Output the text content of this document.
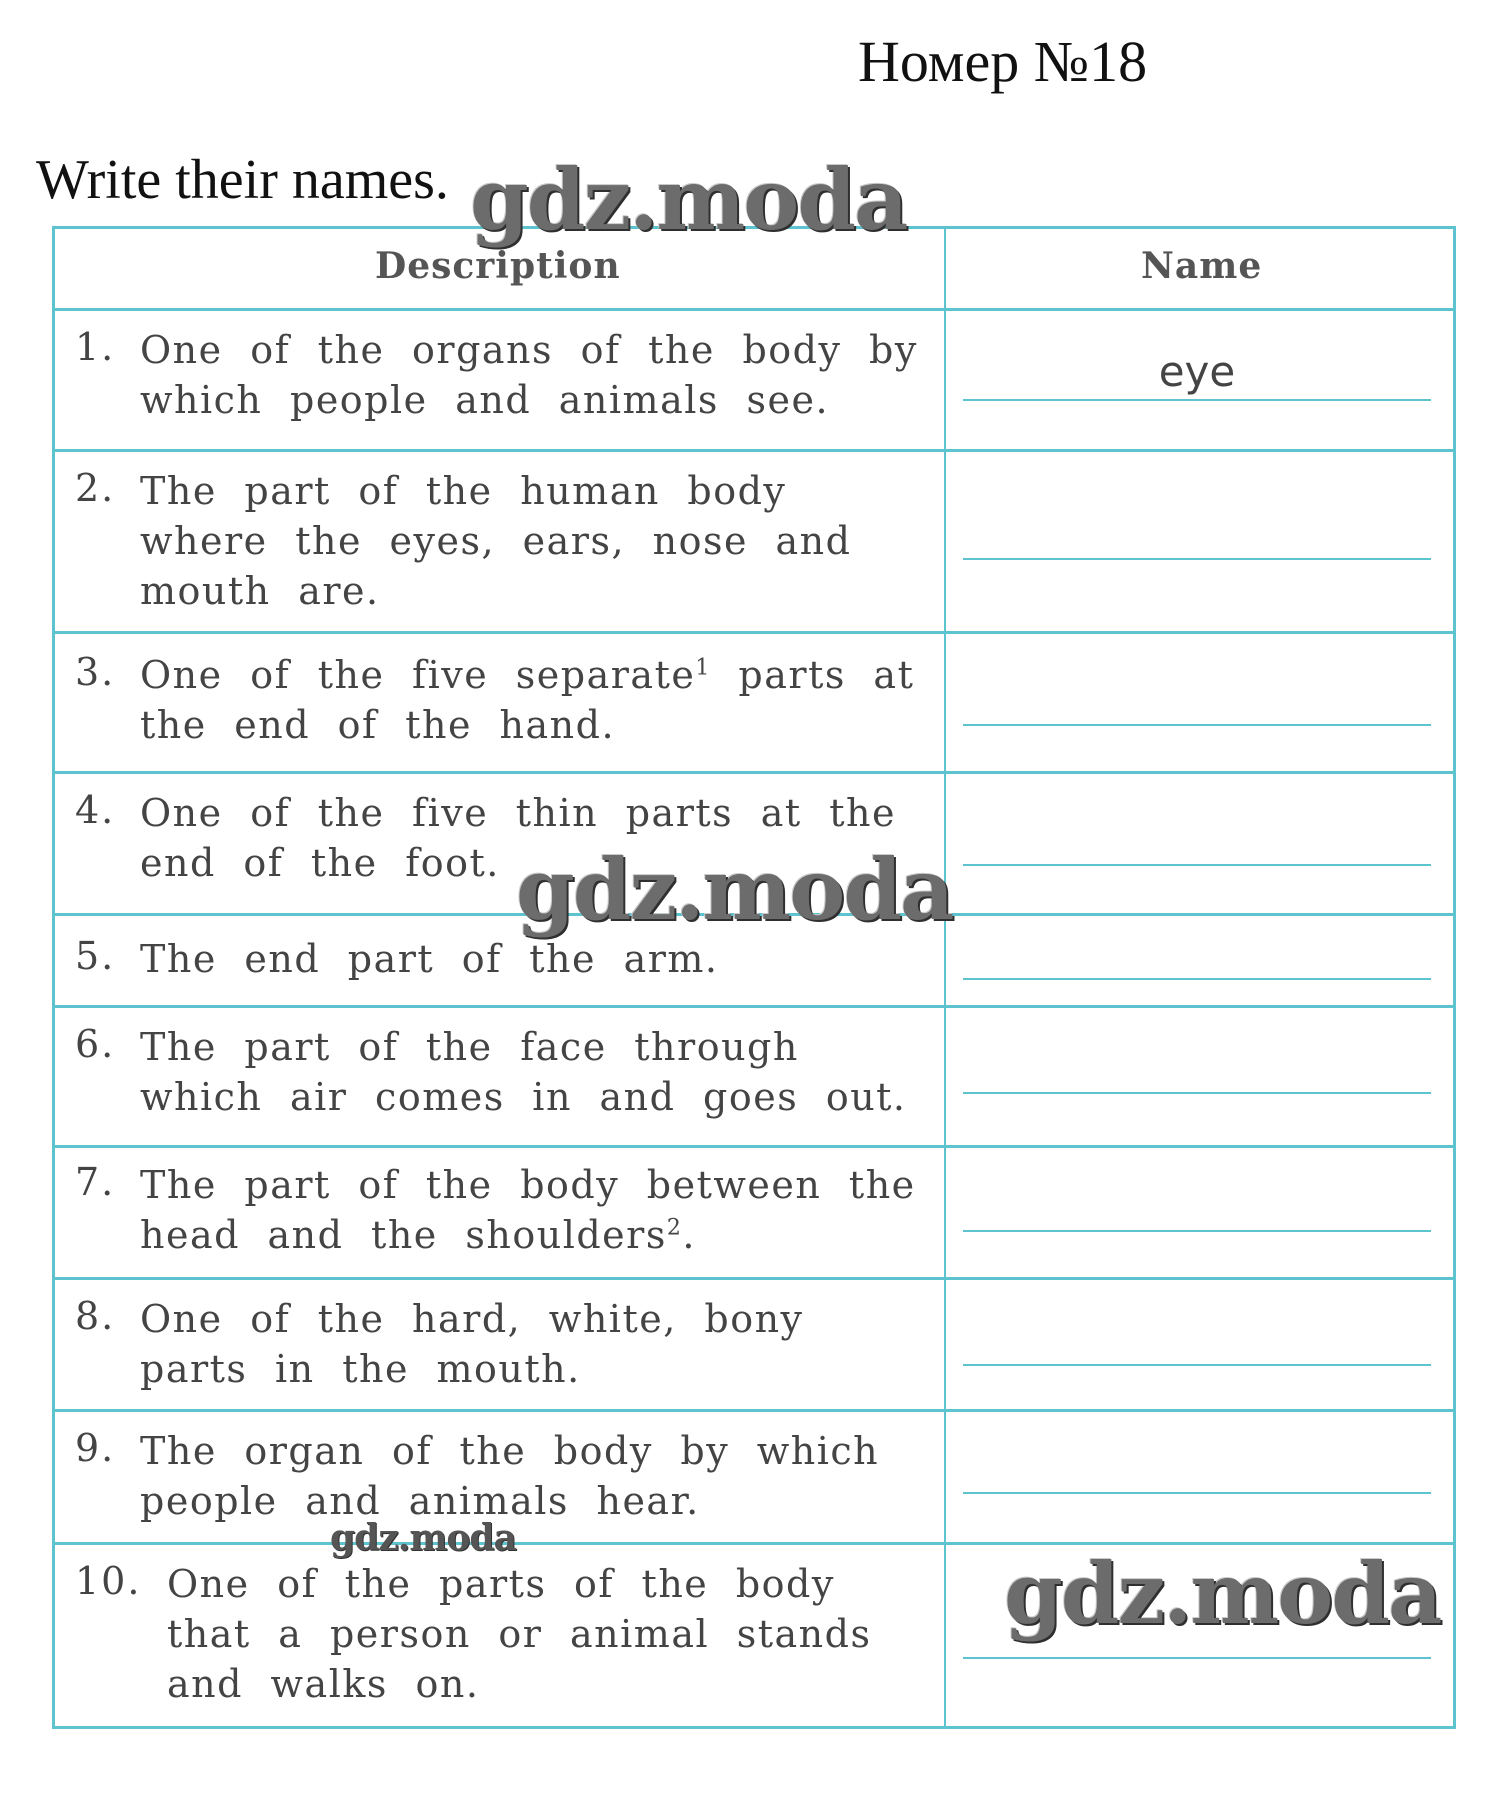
Номер №18
Write their names.
Description	Name
1. One of the organs of the body by which people and animals see.
eye
2. The part of the human body where the eyes, ears, nose and mouth are.
3. One of the five separate$^1$ parts at the end of the hand.
4. One of the five thin parts at the end of the foot.
5. The end part of the arm.
6. The part of the face through which air comes in and goes out.
7. The part of the body between the head and the shoulders$^2$.
8. One of the hard, white, bony parts in the mouth.
9. The organ of the body by which people and animals hear.
10. One of the parts of the body that a person or animal stands and walks on.
gdz.moda
gdz.moda
gdz.moda
gdz.moda
